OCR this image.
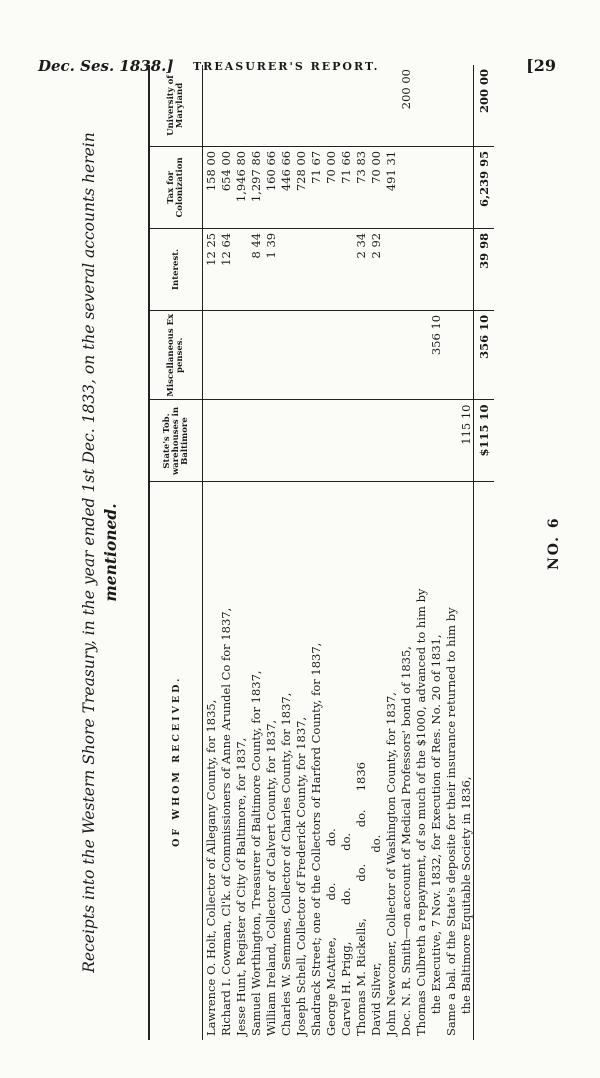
Dec. Ses. 1838.] TREASURER'S REPORT.	[29
Receipts into the Western Shore Treasury, in the year ended 1st Dec. 1833, on the several accounts herein mentioned.
OF WHOM RECEIVED.	State's Tob. warehouses in Baltimore	Miscellaneous Ex penses.	Interest.	Tax for Colonization	University of Maryland
Lawrence O. Holt, Collector of Allegany County, for 1835,			12 25	158 00	
Richard I. Cowman, Cl'k. of Commissioners of Anne Arundel Co for 1837,			12 64	654 00	
Jesse Hunt, Register of City of Baltimore, for 1837,				1,946 80	
Samuel Worthington, Treasurer of Baltimore County, for 1837,			8 44	1,297 86	
William Ireland, Collector of Calvert County, for 1837,			1 39	160 66	
Charles W. Semmes, Collector of Charles County, for 1837,				446 66	
Joseph Schell, Collector of Frederick County, for 1837,				728 00	
Shadrack Street; one of the Collectors of Harford County, for 1837,				71 67	
George McAttee,          do.          do.				70 00	
Carvel H. Prigg,          do.          do.				71 66	
Thomas M. Rickells,          do.          do.     1836			2 34	73 83	
David Silver,                              do.			2 92	70 00	
John Newcomer, Collector of Washington County, for 1837,				491 31	
Doc. N. R. Smith—on account of Medical Professors' bond of 1835,					200 00
Thomas Culbreth a repayment, of so much of the $1000, advanced to him by					
the Executive, 7 Nov. 1832, for Execution of Res. No. 20 of 1831,		356 10			
Same a bal. of the State's deposite for their insurance returned to him by					
the Baltimore Equitable Society in 1836,	115 10				
	$115 10	356 10	39 98	6,239 95	200 00
NO. 6
